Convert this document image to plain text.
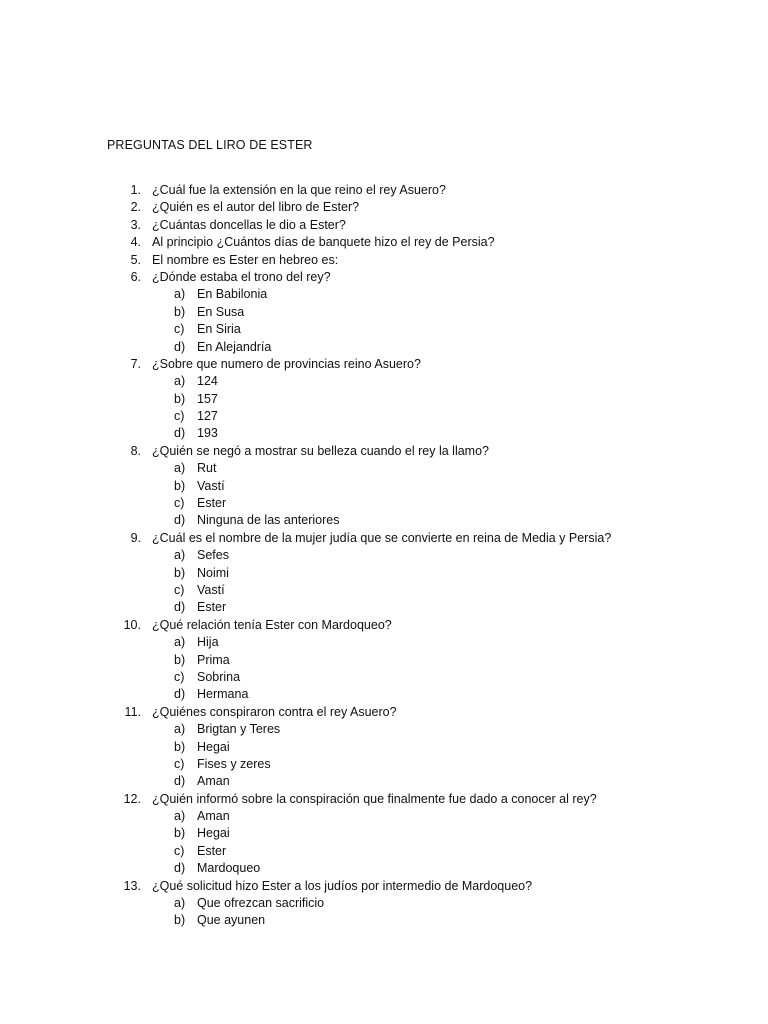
PREGUNTAS DEL LIRO DE ESTER
1. ¿Cuál fue la extensión en la que reino el rey Asuero?
2. ¿Quién es el autor del libro de Ester?
3. ¿Cuántas doncellas le dio a Ester?
4. Al principio ¿Cuántos días de banquete hizo el rey de Persia?
5. El nombre es Ester en hebreo es:
6. ¿Dónde estaba el trono del rey?
a) En Babilonia
b) En Susa
c) En Siria
d) En Alejandría
7. ¿Sobre que numero de provincias reino Asuero?
a) 124
b) 157
c) 127
d) 193
8. ¿Quién se negó a mostrar su belleza cuando el rey la llamo?
a) Rut
b) Vastí
c) Ester
d) Ninguna de las anteriores
9. ¿Cuál es el nombre de la mujer judía que se convierte en reina de Media y Persia?
a) Sefes
b) Noimi
c) Vastí
d) Ester
10. ¿Qué relación tenía Ester con Mardoqueo?
a) Hija
b) Prima
c) Sobrina
d) Hermana
11. ¿Quiénes conspiraron contra el rey Asuero?
a) Brigtan y Teres
b) Hegai
c) Fises y zeres
d) Aman
12. ¿Quién informó sobre la conspiración que finalmente fue dado a conocer al rey?
a) Aman
b) Hegai
c) Ester
d) Mardoqueo
13. ¿Qué solicitud hizo Ester a los judíos por intermedio de Mardoqueo?
a) Que ofrezcan sacrificio
b) Que ayunen
